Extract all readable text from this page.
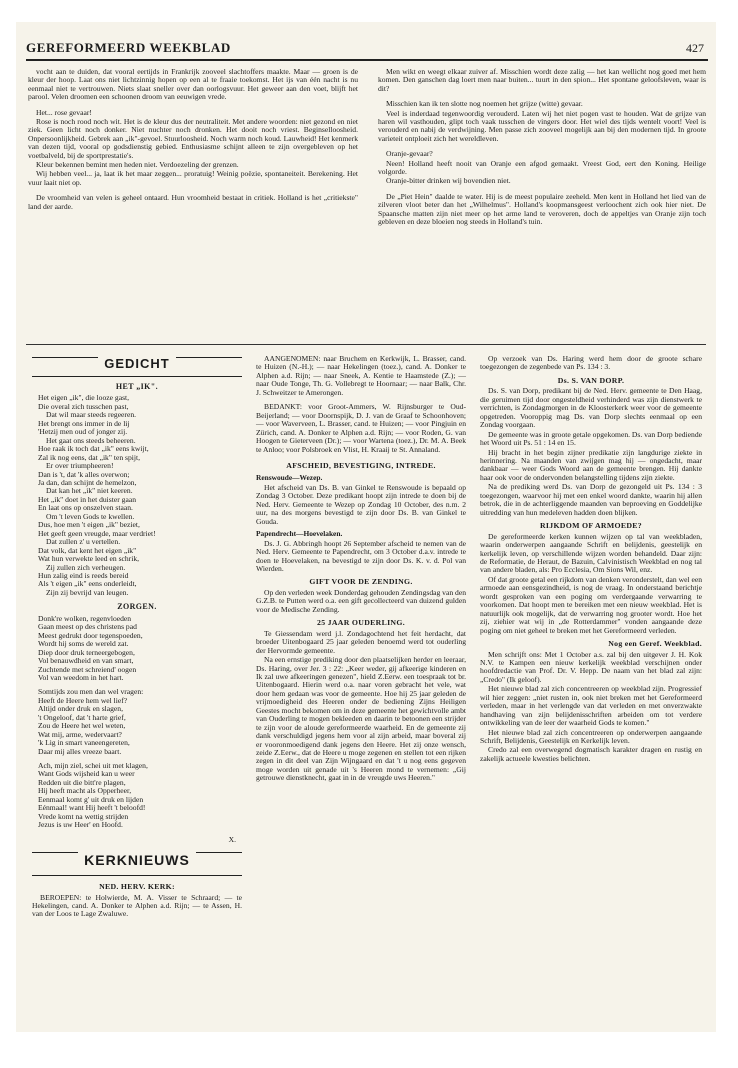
GEREFORMEERD WEEKBLAD	427

vocht aan te duiden, dat vooral eertijds in Frankrijk zooveel slachtoffers maakte. Maar — groen is de kleur der hoop. Laat ons niet lichtzinnig hopen op een al te fraaie toekomst. Het ijs van één nacht is nu eenmaal niet te vertrouwen. Niets slaat sneller over dan oorlogsvuur. Het geweer aan den voet, blijft het parool. Velen droomen een schoonen droom van eeuwigen vrede.

Het... rose gevaar!

Rose is noch rood noch wit. Het is de kleur dus der neutraliteit. Met andere woorden: niet gezond en niet ziek. Geen licht noch donker. Niet nuchter noch dronken. Het dooit noch vriest. Beginselloosheid. Onpersoonlijkheid. Gebrek aan „ik"-gevoel. Stuurloosheid. Noch warm noch koud. Lauwheid! Het kenmerk van dezen tijd, vooral op godsdienstig gebied. Enthusiasme schijnt alleen te zijn overgebleven op het voetbalveld, bij de sportprestatie's.

Kleur bekennen bemint men heden niet. Verdoezeling der grenzen.

Wij hebben veel... ja, laat ik het maar zeggen... proratuig! Weinig poëzie, spontaneiteit. Berekening. Het vuur laait niet op.

De vroomheid van velen is geheel ontaard. Hun vroomheid bestaat in critiek. Holland is het „critiekste" land der aarde.

Men wikt en weegt elkaar zuiver af. Misschien wordt deze zalig — het kan wellicht nog goed met hem komen. Den ganschen dag loert men naar buiten... tuurt in den spion... Het spontane geloofsleven, waar is dit?

Misschien kan ik ten slotte nog noemen het grijze (witte) gevaar.

Veel is inderdaad tegenwoordig verouderd. Laten wij het niet pogen vast te houden. Wat de grijze van haren wil vasthouden, glipt toch vaak tusschen de vingers door. Het wiel des tijds wentelt voort! Veel is verouderd en nabij de verdwijning. Men passe zich zooveel mogelijk aan bij den modernen tijd. In groote varieteit ontploeit zich het wereldleven.

Oranje-gevaar?

Neen! Holland heeft nooit van Oranje een afgod gemaakt. Vreest God, eert den Koning. Heilige volgorde.

Oranje-bitter drinken wij bovendien niet.

De „Piet Hein" daalde te water. Hij is de meest populaire zeeheld. Men kent in Holland het lied van de zilveren vloot beter dan het „Wilhelmus". Holland's koopmansgeest verloochent zich ook hier niet. De Spaansche matten zijn niet meer op het arme land te veroveren, doch de appeltjes van Oranje zijn toch gebleven en deze bloeien nog steeds in Holland's tuin.

GEDICHT
HET „IK".
Het eigen „ik", die looze gast,
Die overal zich tusschen past,
Dat wil maar steeds regeeren.
Het brengt ons immer in de lij
'Hetzij men oud of jonger zij.
Het gaat ons steeds beheeren.
Hoe raak ik toch dat „ik" eens kwijt,
Zal ik nog eens, dat „ik" ten spijt,
Er over triumpheeren!
Dan is 't, dat 'k alles overwon;
Ja dan, dan schijnt de hemelzon,
Dat kan het „ik" niet keeren.
Het „ik" doet in het duister gaan
En laat ons op onszelven staan.
Om 't leven Gods te kwellen.
Dus, hoe men 't eigen „ik" beziet,
Het geeft geen vreugde, maar verdriet!
Dat zullen z' u vertellen.
Dat volk, dat kent het eigen „ik"
Wat hun verwekte leed en schrik,
Zij zullen zich verheugen.
Hun zalig eind is reeds bereid
Als 't eigen „ik" eens onderleidt,
Zijn zij bevrijd van leugen.
ZORGEN.
Donk're wolken, regenvloeden
Gaan meest op des christens pad
Meest gedrukt door tegenspoeden,
Wordt hij soms de wereld zat.
Diep door druk terneergebogen,
Vol benauwdheid en van smart,
Zuchtende met schreiend' oogen
Vol van weedom in het hart.
Somtijds zou men dan wel vragen:
Heeft de Heere hem wel lief?
Altijd onder druk en slagen,
't Ongeloof, dat 't harte grief,
Zou de Heere het wel weten,
Wat mij, arme, wedervaart?
'k Lig in smart vaneengereten,
Daar mij alles vreeze baart.
Ach, mijn ziel, schei uit met klagen,
Want Gods wijsheid kan u weer
Redden uit die bitt're plagen,
Hij heeft macht als Opperheer,
Eenmaal komt g' uit druk en lijden
Eénmaal! want Hij heeft 't beloofd!
Vrede komt na wettig strijden
Jezus is uw Heer' en Hoofd.
X.
KERKNIEUWS
NED. HERV. KERK:

BEROEPEN: te Holwierde, M. A. Visser te Schraard; — te Hekelingen, cand. A. Donker te Alphen a.d. Rijn; — te Assen, H. van der Loos te Lage Zwaluwe.

AANGENOMEN: naar Bruchem en Kerkwijk, L. Brasser, cand. te Huizen (N.-H.); — naar Hekelingen (toez.), cand. A. Donker te Alphen a.d. Rijn; — naar Sneek, A. Kentie te Haamstede (Z.); — naar Oude Tonge, Th. G. Vollebregt te Hoornaar; — naar Balk, Chr. J. Schweitzer te Amerongen.

BEDANKT: voor Groot-Ammers, W. Rijnsburger te Oud-Beijerland; — voor Doornspijk, D. J. van de Graaf te Schoonhoven; — voor Waverveen, L. Brasser, cand. te Huizen; — voor Pingjuin en Zürich, cand. A. Donker te Alphen a.d. Rijn; — voor Roden, G. van Hoogen te Gieterveen (Dr.); — voor Wartena (toez.), Dr. M. A. Beek te Anloo; voor Polsbroek en Vlist, H. Kraaij te St. Annaland.

AFSCHEID, BEVESTIGING, INTREDE.
Renswoude—Wezep.

Het afscheid van Ds. B. van Ginkel te Renswoude is bepaald op Zondag 3 October. Deze predikant hoopt zijn intrede te doen bij de Ned. Herv. Gemeente te Wezep op Zondag 10 October, des n.m. 2 uur, na des morgens bevestigd te zijn door Ds. B. van Ginkel te Gouda.

Papendrecht—Hoevelaken.

Ds. J. G. Abbringh hoopt 26 September afscheid te nemen van de Ned. Herv. Gemeente te Papendrecht, om 3 October d.a.v. intrede te doen te Hoevelaken, na bevestigd te zijn door Ds. K. v. d. Pol van Wierden.

GIFT VOOR DE ZENDING.

Op den verleden week Donderdag gehouden Zendingsdag van den G.Z.B. te Putten werd o.a. een gift gecollecteerd van duizend gulden voor de Medische Zending.

25 JAAR OUDERLING.

Te Giessendam werd j.l. Zondagochtend het feit herdacht, dat broeder Uitenbogaard 25 jaar geleden benoemd werd tot ouderling der Hervormde gemeente.

Na een ernstige prediking door den plaatselijken herder en leeraar, Ds. Haring, over Jer. 3 : 22: „Keer weder, gij afkeerige kinderen en Ik zal uwe afkeeringen genezen", hield Z.Eerw. een toespraak tot br. Uitenbogaard. Hierin werd o.a. naar voren gebracht het vele, wat door hem gedaan was voor de gemeente. Hoe hij 25 jaar geleden de vrijmoedigheid des Heeren onder de bediening Zijns Heiligen Geestes mocht bekomen om in deze gemeente het gewichtvolle ambt van Ouderling te mogen bekleeden en daarin te betoonen een strijder te zijn voor de aloude gereformeerde waarheid. En de gemeente zij dank verschuldigd jegens hem voor al zijn arbeid, maar boveral zij er vooronmoedigend dank jegens den Heere. Het zij onze wensch, zeide Z.Eerw., dat de Heere u moge zegenen en stellen tot een rijken zegen in dit deel van Zijn Wijngaard en dat 't u nog eens gegeven moge worden uit genade uit 's Heeren mond te vernemen: „Gij getrouwe dienstknecht, gaat in in de vreugde uws Heeren."

Op verzoek van Ds. Haring werd hem door de groote schare toegezongen de zegenbede van Ps. 134 : 3.

Ds. S. VAN DORP.

Ds. S. van Dorp, predikant bij de Ned. Herv. gemeente te Den Haag, die geruimen tijd door ongesteldheid verhinderd was zijn dienstwerk te verrichten, is Zondagmorgen in de Kloosterkerk weer voor de gemeente opgetreden. Vooroppig mag Ds. van Dorp slechts eenmaal op een Zondag voorgaan.

De gemeente was in groote getale opgekomen. Ds. van Dorp bediende het Woord uit Ps. 51 : 14 en 15.

Hij bracht in het begin zijner predikatie zijn langdurige ziekte in herinnering. Na maanden van zwijgen mag hij — ongedacht, maar dankbaar — weer Gods Woord aan de gemeente brengen. Hij dankte haar ook voor de ondervonden belangstelling tijdens zijn ziekte.

Na de prediking werd Ds. van Dorp de gezongeld uit Ps. 134 : 3 toegezongen, waarvoor hij met een enkel woord dankte, waarin hij allen betrok, die in de achterliggende maanden van beproeving en Goddelijke uitredding van hun medeleven hadden doen blijken.

RIJKDOM OF ARMOEDE?

De gereformeerde kerken kunnen wijzen op tal van weekbladen, waarin onderwerpen aangaande Schrift en belijdenis, geestelijk en kerkelijk leven, op verschillende wijzen worden behandeld. Daar zijn: de Reformatie, de Heraut, de Bazuin, Calvinistisch Weekblad en nog tal van andere bladen, als: Pro Ecclesia, Om Sions Wil, enz.

Of dat groote getal een rijkdom van denken veronderstelt, dan wel een armoede aan eensgezindheid, is nog de vraag. In onderstaand berichtje wordt gesproken van een poging om verdergaande verwarring te voorkomen. Dat hoopt men te bereiken met een nieuw weekblad. Het is natuurlijk ook mogelijk, dat de verwarring nog grooter wordt. Hoe het zij, ziehier wat wij in „de Rotterdammer" vonden aangaande deze poging om niet geheel te breken met het Gereformeerd verleden.

Nog een Geref. Weekblad.

Men schrijft ons: Met 1 October a.s. zal bij den uitgever J. H. Kok N.V. te Kampen een nieuw kerkelijk weekblad verschijnen onder hoofdredactie van Prof. Dr. V. Hepp. De naam van het blad zal zijn: „Credo" (Ik geloof).

Het nieuwe blad zal zich concentreeren op weekblad zijn. Progressief wil hier zeggen: „niet rusten in, ook niet breken met het Gereformeerd verleden, maar in het verlengde van dat verleden en met onverzwakte handhaving van zijn belijdenisschriften arbeiden om tot verdere ontwikkeling van de leer der waarheid Gods te komen."

Het nieuwe blad zal zich concentreeren op onderwerpen aangaande Schrift, Belijdenis, Geestelijk en Kerkelijk leven.

Credo zal een overwegend dogmatisch karakter dragen en rustig en zakelijk actueele kwesties belichten.
